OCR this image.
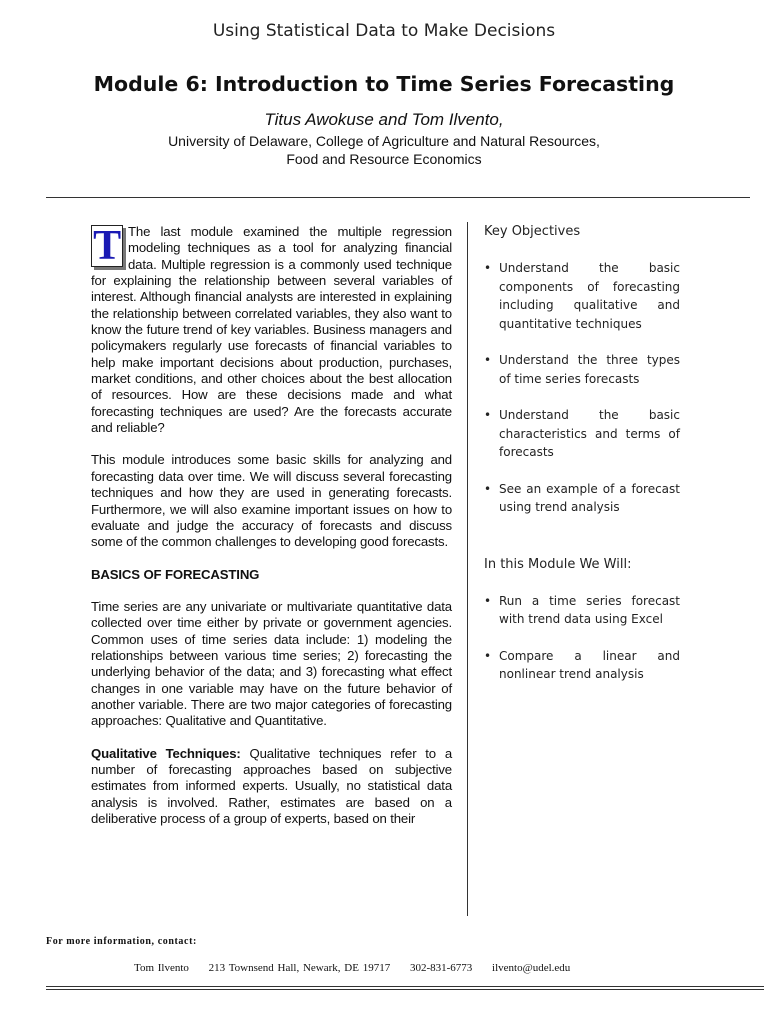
Using Statistical Data to Make Decisions
Module 6: Introduction to Time Series Forecasting
Titus Awokuse and Tom Ilvento,
University of Delaware, College of Agriculture and Natural Resources,
Food and Resource Economics

T The last module examined the multiple regression modeling techniques as a tool for analyzing financial data. Multiple regression is a commonly used technique for explaining the relationship between several variables of interest. Although financial analysts are interested in explaining the relationship between correlated variables, they also want to know the future trend of key variables. Business managers and policymakers regularly use forecasts of financial variables to help make important decisions about production, purchases, market conditions, and other choices about the best allocation of resources. How are these decisions made and what forecasting techniques are used? Are the forecasts accurate and reliable?

This module introduces some basic skills for analyzing and forecasting data over time. We will discuss several forecasting techniques and how they are used in generating forecasts. Furthermore, we will also examine important issues on how to evaluate and judge the accuracy of forecasts and discuss some of the common challenges to developing good forecasts.

BASICS OF FORECASTING

Time series are any univariate or multivariate quantitative data collected over time either by private or government agencies. Common uses of time series data include: 1) modeling the relationships between various time series; 2) forecasting the underlying behavior of the data; and 3) forecasting what effect changes in one variable may have on the future behavior of another variable. There are two major categories of forecasting approaches: Qualitative and Quantitative.

Qualitative Techniques: Qualitative techniques refer to a number of forecasting approaches based on subjective estimates from informed experts. Usually, no statistical data analysis is involved. Rather, estimates are based on a deliberative process of a group of experts, based on their

Key Objectives
• Understand the basic components of forecasting including qualitative and quantitative techniques
• Understand the three types of time series forecasts
• Understand the basic characteristics and terms of forecasts
• See an example of a forecast using trend analysis
In this Module We Will:
• Run a time series forecast with trend data using Excel
• Compare a linear and nonlinear trend analysis
For more information, contact:
Tom Ilvento 213 Townsend Hall, Newark, DE 19717 302-831-6773 ilvento@udel.edu
